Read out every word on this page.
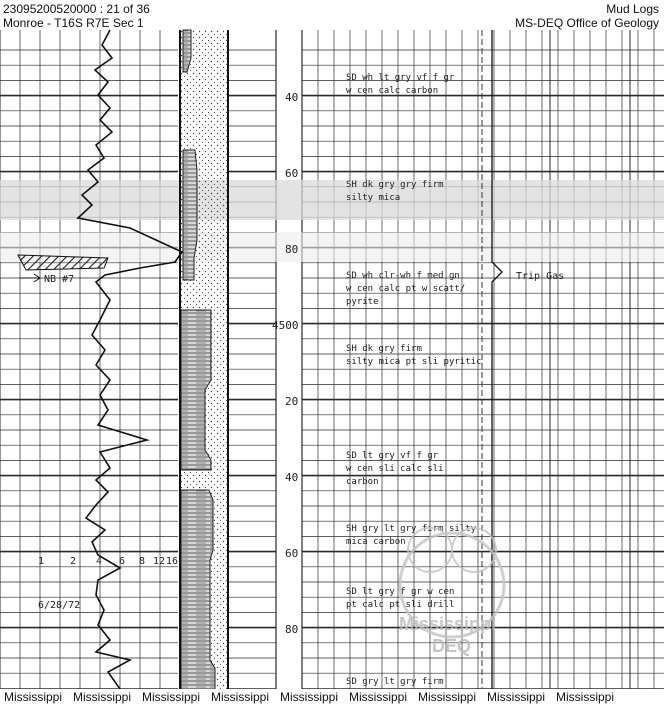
23095200520000 : 21 of 36
Monroe - T16S R7E Sec 1
Mud Logs
MS-DEQ Office of Geology
NB #7
1	2 4 6 8 12 16
6/28/72
40
60
80
4500
20
40
60
80
SD wh lt gry vf f gr
w cen calc carbon
SH dk gry gry firm
silty mica
SD wh clr-wh f med gn
w cen calc pt w scatt/
pyrite
SH dk gry firm
silty mica pt sli pyritic
SD lt gry vf f gr
w cen sli calc sli
carbon
SH gry lt gry firm silty
mica carbon
SD lt gry f gr w cen
pt calc pt sli drill
SD gry lt gry firm
Trip Gas
Mississippi
DEQ
Mississippi Mississippi Mississippi Mississippi Mississippi Mississippi Mississippi Mississippi Mississippi
